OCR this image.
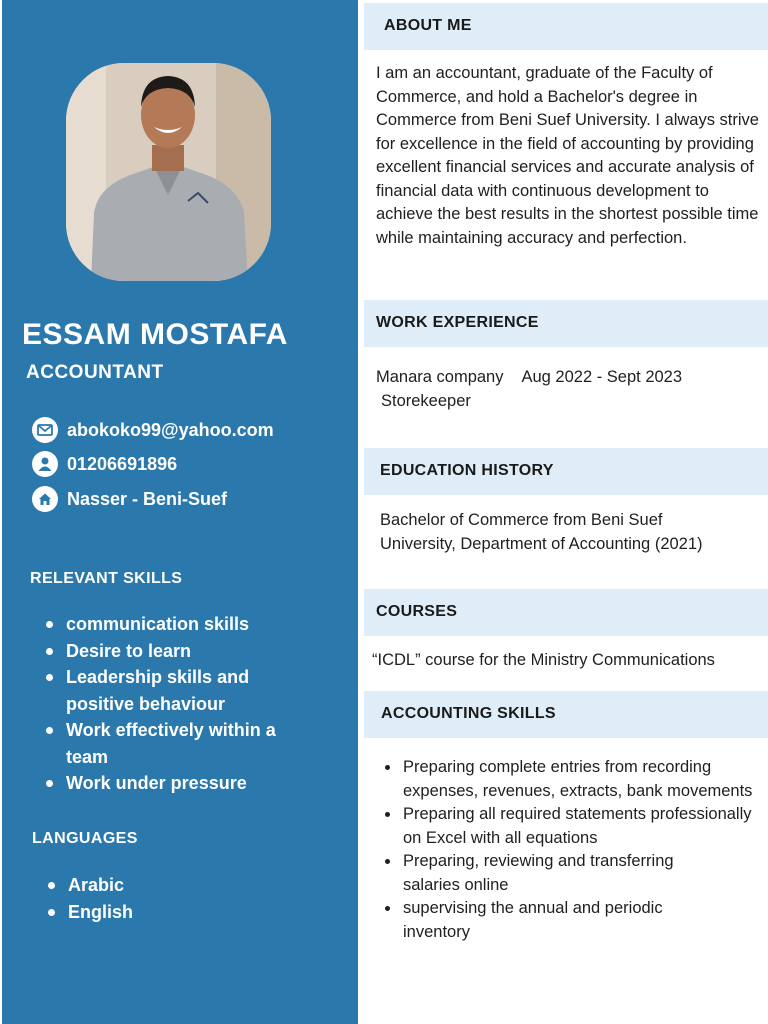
ESSAM MOSTAFA
ACCOUNTANT
abokoko99@yahoo.com
01206691896
Nasser - Beni-Suef
RELEVANT SKILLS
communication skills
Desire to learn
Leadership skills and positive behaviour
Work effectively within a team
Work under pressure
LANGUAGES
Arabic
English
ABOUT ME
I am an accountant, graduate of the Faculty of Commerce, and hold a Bachelor's degree in Commerce from Beni Suef University. I always strive for excellence in the field of accounting by providing excellent financial services and accurate analysis of financial data with continuous development to achieve the best results in the shortest possible time while maintaining accuracy and perfection.
WORK EXPERIENCE
Manara company Aug 2022 - Sept 2023
Storekeeper
EDUCATION HISTORY
Bachelor of Commerce from Beni Suef University, Department of Accounting (2021)
COURSES
“ICDL” course for the Ministry Communications
ACCOUNTING SKILLS
Preparing complete entries from recording expenses, revenues, extracts, bank movements
Preparing all required statements professionally on Excel with all equations
Preparing, reviewing and transferring salaries online
supervising the annual and periodic inventory
